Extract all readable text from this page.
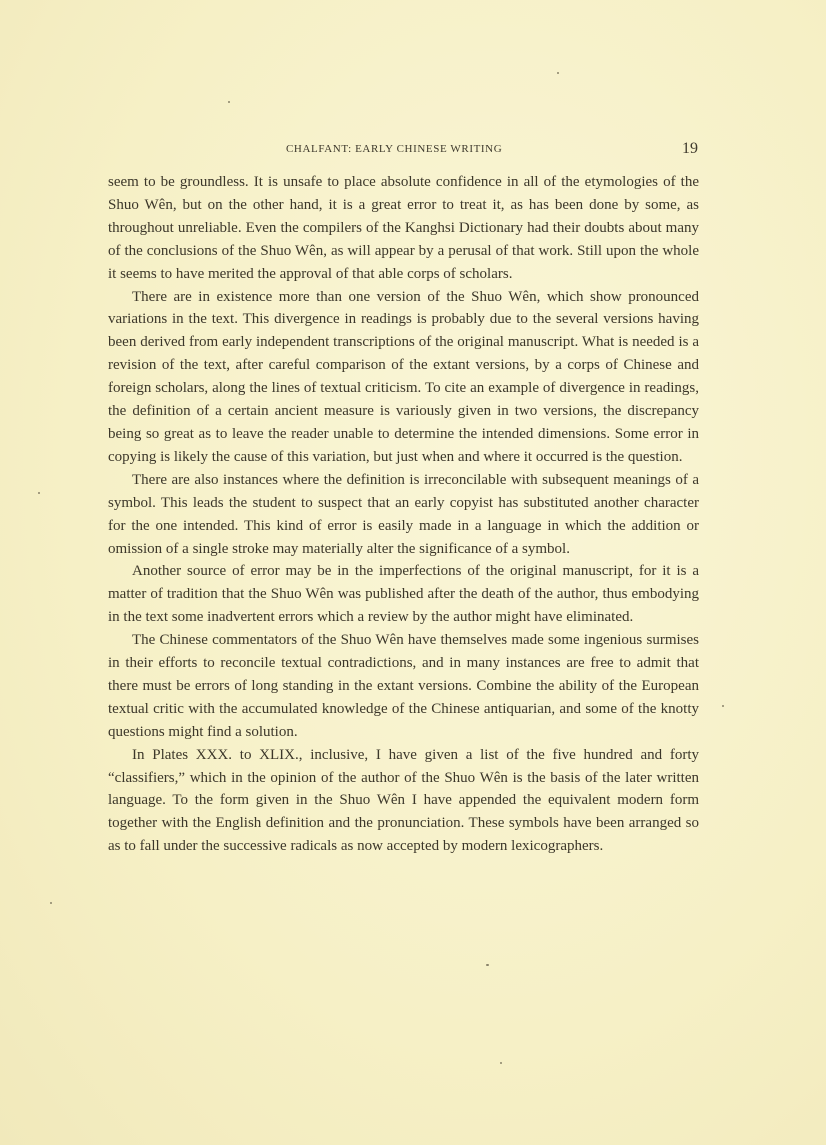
CHALFANT: EARLY CHINESE WRITING	19

seem to be groundless. It is unsafe to place absolute confidence in all of the etymologies of the Shuo Wên, but on the other hand, it is a great error to treat it, as has been done by some, as throughout unreliable. Even the compilers of the Kanghsi Dictionary had their doubts about many of the conclusions of the Shuo Wên, as will appear by a perusal of that work. Still upon the whole it seems to have merited the approval of that able corps of scholars.

There are in existence more than one version of the Shuo Wên, which show pronounced variations in the text. This divergence in readings is probably due to the several versions having been derived from early independent transcriptions of the original manuscript. What is needed is a revision of the text, after careful comparison of the extant versions, by a corps of Chinese and foreign scholars, along the lines of textual criticism. To cite an example of divergence in readings, the definition of a certain ancient measure is variously given in two versions, the discrepancy being so great as to leave the reader unable to determine the intended dimensions. Some error in copying is likely the cause of this variation, but just when and where it occurred is the question.

There are also instances where the definition is irreconcilable with subsequent meanings of a symbol. This leads the student to suspect that an early copyist has substituted another character for the one intended. This kind of error is easily made in a language in which the addition or omission of a single stroke may materially alter the significance of a symbol.

Another source of error may be in the imperfections of the original manuscript, for it is a matter of tradition that the Shuo Wên was published after the death of the author, thus embodying in the text some inadvertent errors which a review by the author might have eliminated.

The Chinese commentators of the Shuo Wên have themselves made some ingenious surmises in their efforts to reconcile textual contradictions, and in many instances are free to admit that there must be errors of long standing in the extant versions. Combine the ability of the European textual critic with the accumulated knowledge of the Chinese antiquarian, and some of the knotty questions might find a solution.

In Plates XXX. to XLIX., inclusive, I have given a list of the five hundred and forty “classifiers,” which in the opinion of the author of the Shuo Wên is the basis of the later written language. To the form given in the Shuo Wên I have appended the equivalent modern form together with the English definition and the pronunciation. These symbols have been arranged so as to fall under the successive radicals as now accepted by modern lexicographers.
